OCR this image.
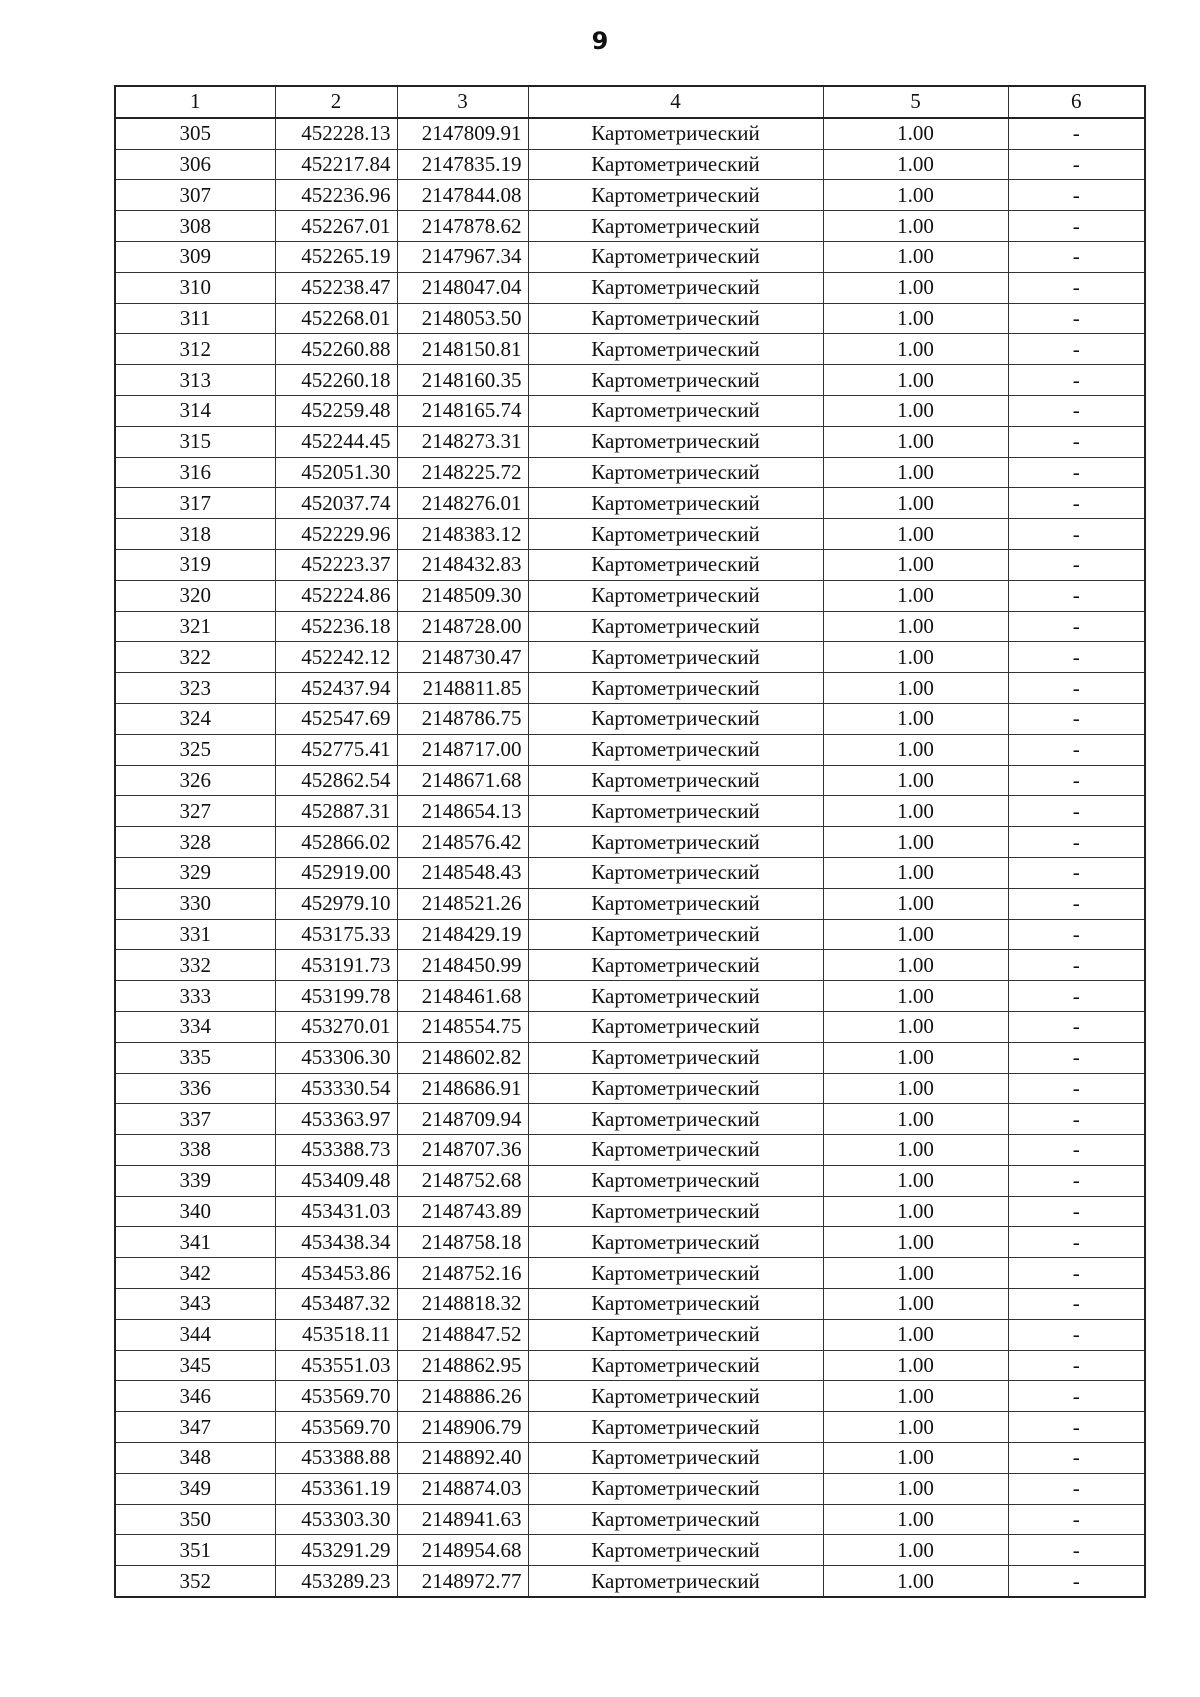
9
1	2	3	4	5	6
305	452228.13	2147809.91	Картометрический	1.00	-
306	452217.84	2147835.19	Картометрический	1.00	-
307	452236.96	2147844.08	Картометрический	1.00	-
308	452267.01	2147878.62	Картометрический	1.00	-
309	452265.19	2147967.34	Картометрический	1.00	-
310	452238.47	2148047.04	Картометрический	1.00	-
311	452268.01	2148053.50	Картометрический	1.00	-
312	452260.88	2148150.81	Картометрический	1.00	-
313	452260.18	2148160.35	Картометрический	1.00	-
314	452259.48	2148165.74	Картометрический	1.00	-
315	452244.45	2148273.31	Картометрический	1.00	-
316	452051.30	2148225.72	Картометрический	1.00	-
317	452037.74	2148276.01	Картометрический	1.00	-
318	452229.96	2148383.12	Картометрический	1.00	-
319	452223.37	2148432.83	Картометрический	1.00	-
320	452224.86	2148509.30	Картометрический	1.00	-
321	452236.18	2148728.00	Картометрический	1.00	-
322	452242.12	2148730.47	Картометрический	1.00	-
323	452437.94	2148811.85	Картометрический	1.00	-
324	452547.69	2148786.75	Картометрический	1.00	-
325	452775.41	2148717.00	Картометрический	1.00	-
326	452862.54	2148671.68	Картометрический	1.00	-
327	452887.31	2148654.13	Картометрический	1.00	-
328	452866.02	2148576.42	Картометрический	1.00	-
329	452919.00	2148548.43	Картометрический	1.00	-
330	452979.10	2148521.26	Картометрический	1.00	-
331	453175.33	2148429.19	Картометрический	1.00	-
332	453191.73	2148450.99	Картометрический	1.00	-
333	453199.78	2148461.68	Картометрический	1.00	-
334	453270.01	2148554.75	Картометрический	1.00	-
335	453306.30	2148602.82	Картометрический	1.00	-
336	453330.54	2148686.91	Картометрический	1.00	-
337	453363.97	2148709.94	Картометрический	1.00	-
338	453388.73	2148707.36	Картометрический	1.00	-
339	453409.48	2148752.68	Картометрический	1.00	-
340	453431.03	2148743.89	Картометрический	1.00	-
341	453438.34	2148758.18	Картометрический	1.00	-
342	453453.86	2148752.16	Картометрический	1.00	-
343	453487.32	2148818.32	Картометрический	1.00	-
344	453518.11	2148847.52	Картометрический	1.00	-
345	453551.03	2148862.95	Картометрический	1.00	-
346	453569.70	2148886.26	Картометрический	1.00	-
347	453569.70	2148906.79	Картометрический	1.00	-
348	453388.88	2148892.40	Картометрический	1.00	-
349	453361.19	2148874.03	Картометрический	1.00	-
350	453303.30	2148941.63	Картометрический	1.00	-
351	453291.29	2148954.68	Картометрический	1.00	-
352	453289.23	2148972.77	Картометрический	1.00	-
